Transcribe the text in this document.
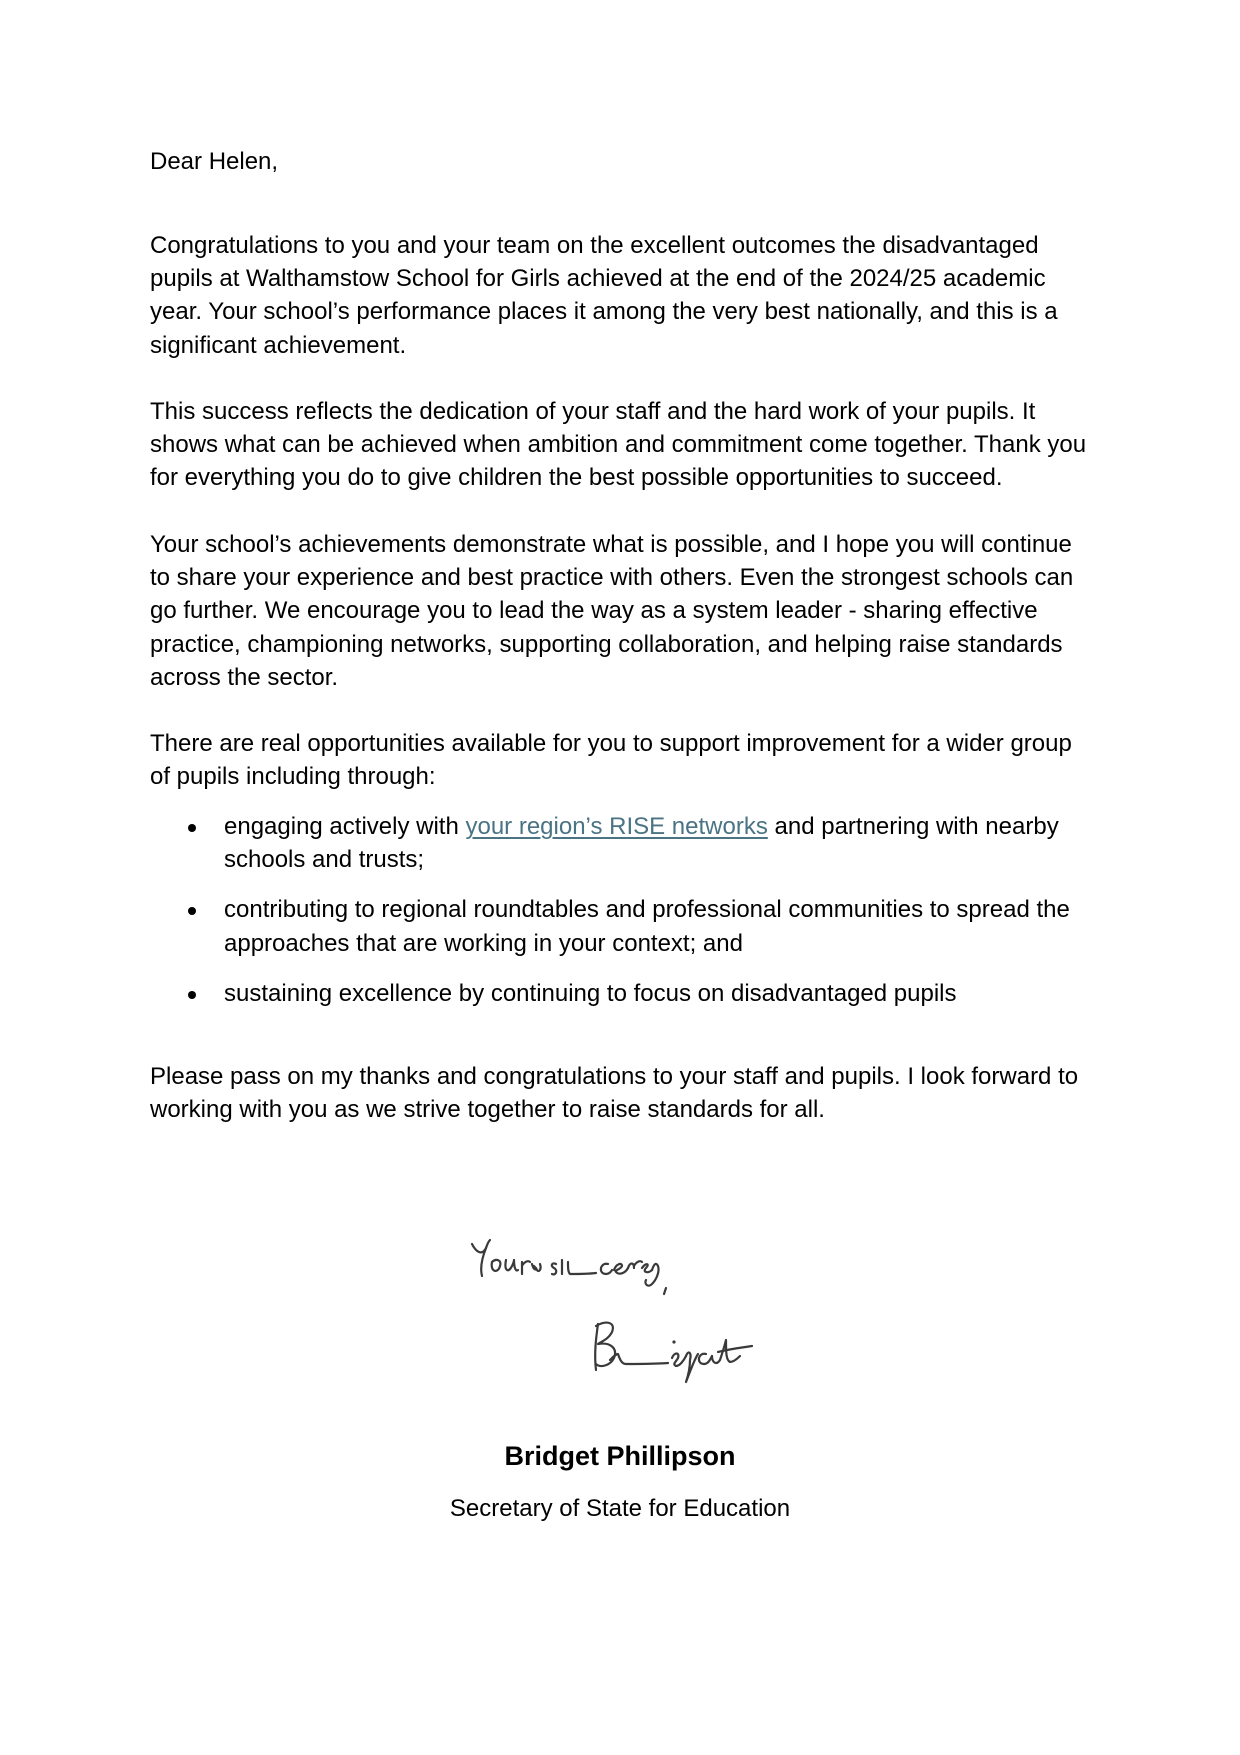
Dear Helen,

Congratulations to you and your team on the excellent outcomes the disadvantaged pupils at Walthamstow School for Girls achieved at the end of the 2024/25 academic year. Your school’s performance places it among the very best nationally, and this is a significant achievement.

This success reflects the dedication of your staff and the hard work of your pupils. It shows what can be achieved when ambition and commitment come together. Thank you for everything you do to give children the best possible opportunities to succeed.

Your school’s achievements demonstrate what is possible, and I hope you will continue to share your experience and best practice with others. Even the strongest schools can go further. We encourage you to lead the way as a system leader - sharing effective practice, championing networks, supporting collaboration, and helping raise standards across the sector.

There are real opportunities available for you to support improvement for a wider group of pupils including through:

engaging actively with your region’s RISE networks and partnering with nearby schools and trusts;
contributing to regional roundtables and professional communities to spread the approaches that are working in your context; and
sustaining excellence by continuing to focus on disadvantaged pupils

Please pass on my thanks and congratulations to your staff and pupils. I look forward to working with you as we strive together to raise standards for all.

Bridget Phillipson
Secretary of State for Education
